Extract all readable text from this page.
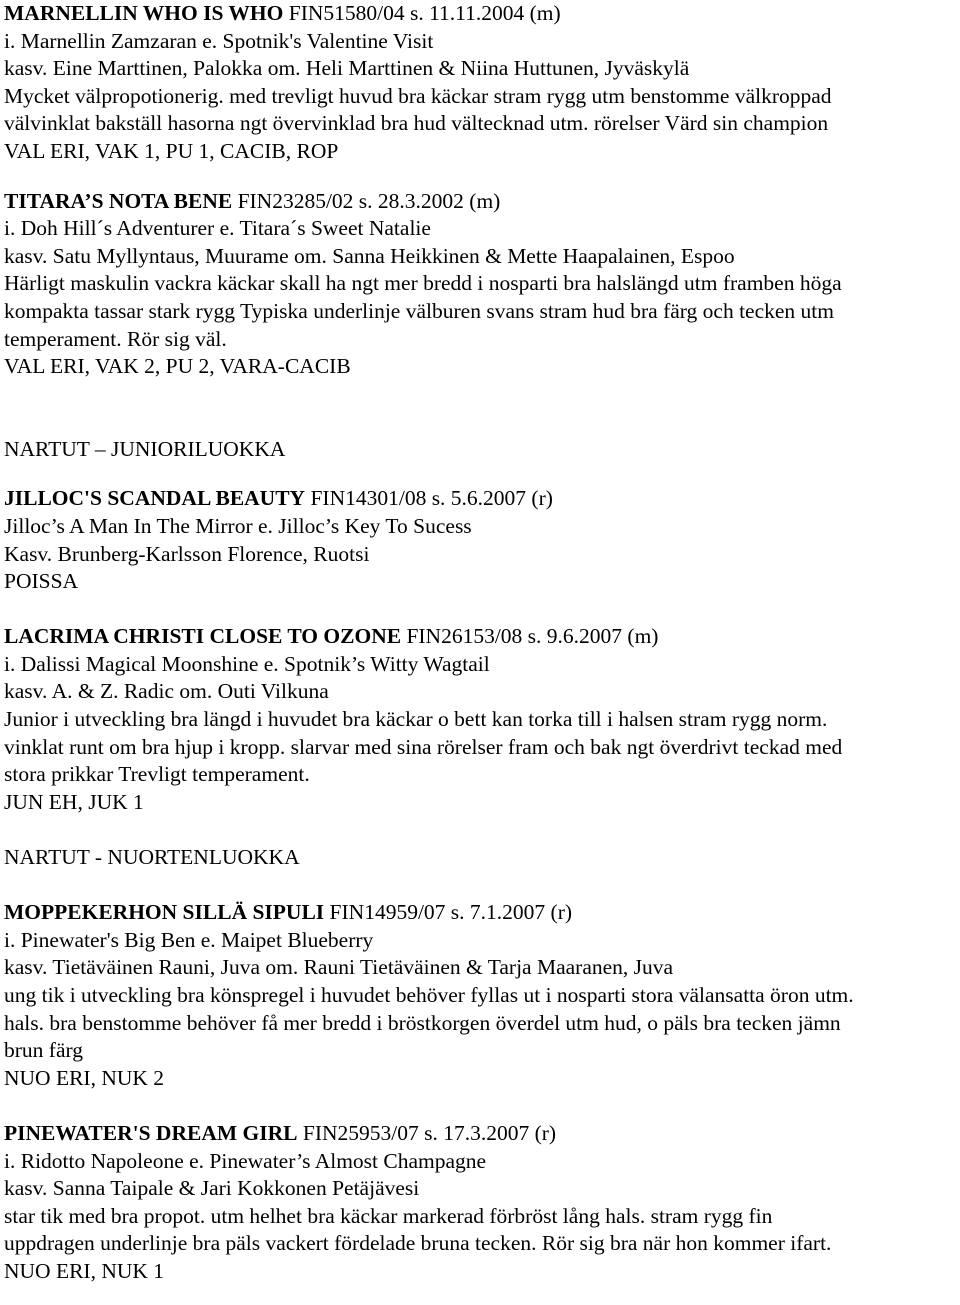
MARNELLIN WHO IS WHO FIN51580/04 s. 11.11.2004 (m)
i. Marnellin Zamzaran e. Spotnik's Valentine Visit
kasv. Eine Marttinen, Palokka om. Heli Marttinen & Niina Huttunen, Jyväskylä
Mycket välpropotionerig. med trevligt huvud bra käckar stram rygg utm benstomme välkroppad
välvinklat bakställ hasorna ngt övervinklad bra hud vältecknad utm. rörelser Värd sin champion
VAL ERI, VAK 1, PU 1, CACIB, ROP
TITARA’S NOTA BENE FIN23285/02 s. 28.3.2002 (m)
i. Doh Hill´s Adventurer e. Titara´s Sweet Natalie
kasv. Satu Myllyntaus, Muurame om. Sanna Heikkinen & Mette Haapalainen, Espoo
Härligt maskulin vackra käckar skall ha ngt mer bredd i nosparti bra halslängd utm framben höga
kompakta tassar stark rygg Typiska underlinje välburen svans stram hud bra färg och tecken utm
temperament. Rör sig väl.
VAL ERI, VAK 2, PU 2, VARA-CACIB
NARTUT – JUNIORILUOKKA
JILLOC'S SCANDAL BEAUTY FIN14301/08 s. 5.6.2007 (r)
Jilloc’s A Man In The Mirror e. Jilloc’s Key To Sucess
Kasv. Brunberg-Karlsson Florence, Ruotsi
POISSA
LACRIMA CHRISTI CLOSE TO OZONE FIN26153/08 s. 9.6.2007 (m)
i. Dalissi Magical Moonshine e. Spotnik’s Witty Wagtail
kasv. A. & Z. Radic om. Outi Vilkuna
Junior i utveckling bra längd i huvudet bra käckar o bett kan torka till i halsen stram rygg norm.
vinklat runt om bra hjup i kropp. slarvar med sina rörelser fram och bak ngt överdrivt teckad med
stora prikkar Trevligt temperament.
JUN EH, JUK 1
NARTUT - NUORTENLUOKKA
MOPPEKERHON SILLÄ SIPULI FIN14959/07 s. 7.1.2007 (r)
i. Pinewater's Big Ben e. Maipet Blueberry
kasv. Tietäväinen Rauni, Juva om. Rauni Tietäväinen & Tarja Maaranen, Juva
ung tik i utveckling bra könspregel i huvudet behöver fyllas ut i nosparti stora välansatta öron utm.
hals. bra benstomme behöver få mer bredd i bröstkorgen överdel utm hud, o päls bra tecken jämn
brun färg
NUO ERI, NUK 2
PINEWATER'S DREAM GIRL FIN25953/07 s. 17.3.2007 (r)
i. Ridotto Napoleone e. Pinewater’s Almost Champagne
kasv. Sanna Taipale & Jari Kokkonen Petäjävesi
star tik med bra propot. utm helhet bra käckar markerad förbröst lång hals. stram rygg fin
uppdragen underlinje bra päls vackert fördelade bruna tecken. Rör sig bra när hon kommer ifart.
NUO ERI, NUK 1
